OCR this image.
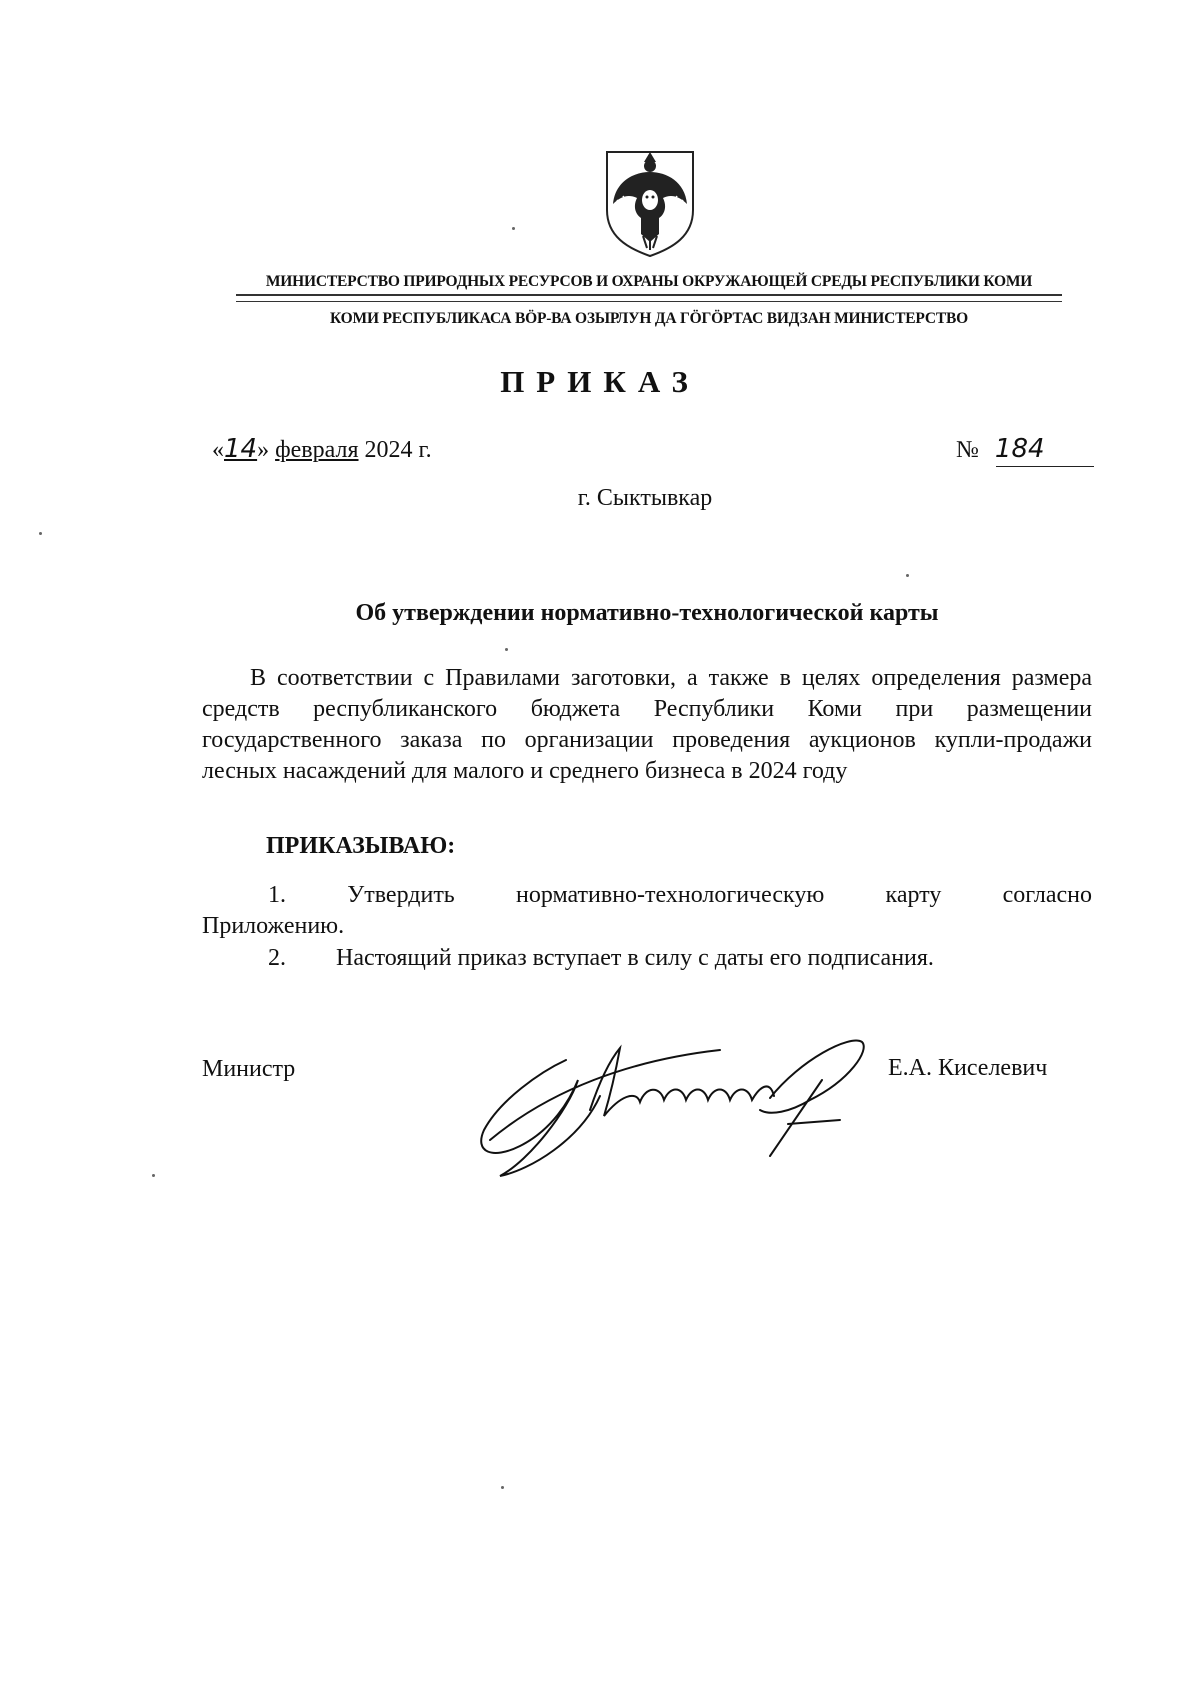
МИНИСТЕРСТВО ПРИРОДНЫХ РЕСУРСОВ И ОХРАНЫ ОКРУЖАЮЩЕЙ СРЕДЫ РЕСПУБЛИКИ КОМИ
КОМИ РЕСПУБЛИКАСА ВӦР-ВА ОЗЫРЛУН ДА ГӦГӦРТАС ВИДЗАН МИНИСТЕРСТВО
ПРИКАЗ
«14» февраля 2024 г.	№ 184
г. Сыктывкар
Об утверждении нормативно-технологической карты
В соответствии с Правилами заготовки, а также в целях определения размера средств республиканского бюджета Республики Коми при размещении государственного заказа по организации проведения аукционов купли-продажи лесных насаждений для малого и среднего бизнеса в 2024 году
ПРИКАЗЫВАЮ:
1.	Утвердить	нормативно-технологическую	карту	согласно
Приложению.
2. Настоящий приказ вступает в силу с даты его подписания.
Министр	Е.А. Киселевич
